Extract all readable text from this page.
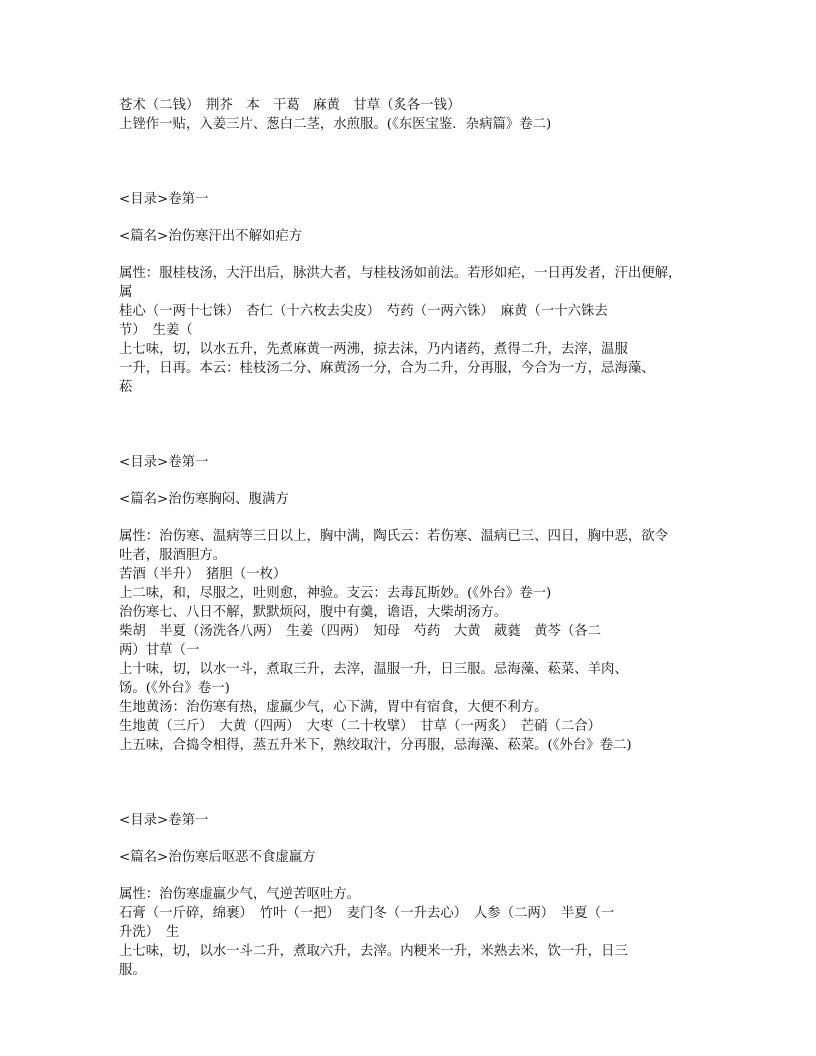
苍术（二钱）　荆芥　本　干葛　麻黄　甘草（炙各一钱）
上锉作一贴，入姜三片、葱白二茎，水煎服。(《东医宝鉴．杂病篇》卷二)
<目录>卷第一
<篇名>治伤寒汗出不解如疟方
属性：服桂枝汤，大汗出后，脉洪大者，与桂枝汤如前法。若形如疟，一日再发者，汗出便解，
属
桂心（一两十七铢）　杏仁（十六枚去尖皮）　芍药（一两六铢）　麻黄（一十六铢去
节）　生姜（
上七味，切，以水五升，先煮麻黄一两沸，掠去沫，乃内诸药，煮得二升，去滓，温服
一升，日再。本云：桂枝汤二分、麻黄汤一分，合为二升，分再服，今合为一方，忌海藻、
菘
<目录>卷第一
<篇名>治伤寒胸闷、腹满方
属性：治伤寒、温病等三日以上，胸中满，陶氏云：若伤寒、温病已三、四日，胸中恶，欲令
吐者，服酒胆方。
苦酒（半升）　猪胆（一枚）
上二味，和，尽服之，吐则愈，神验。支云：去毒瓦斯妙。(《外台》卷一)
治伤寒七、八日不解，默默烦闷，腹中有羹，谵语，大柴胡汤方。
柴胡　半夏（汤洗各八两）　生姜（四两）　知母　芍药　大黄　葳蕤　黄芩（各二
两）甘草（一
上十味，切，以水一斗，煮取三升，去滓，温服一升，日三服。忌海藻、菘菜、羊肉、
饧。(《外台》卷一)
生地黄汤：治伤寒有热，虚羸少气，心下满，胃中有宿食，大便不利方。
生地黄（三斤）　大黄（四两）　大枣（二十枚擘）　甘草（一两炙）　芒硝（二合）
上五味，合捣令相得，蒸五升米下，熟绞取汁，分再服，忌海藻、菘菜。(《外台》卷二)
<目录>卷第一
<篇名>治伤寒后呕恶不食虚羸方
属性：治伤寒虚羸少气，气逆苦呕吐方。
石膏（一斤碎，绵裹）　竹叶（一把）　麦门冬（一升去心）　人参（二两）　半夏（一
升洗）　生
上七味，切，以水一斗二升，煮取六升，去滓。内粳米一升，米熟去米，饮一升，日三
服。
